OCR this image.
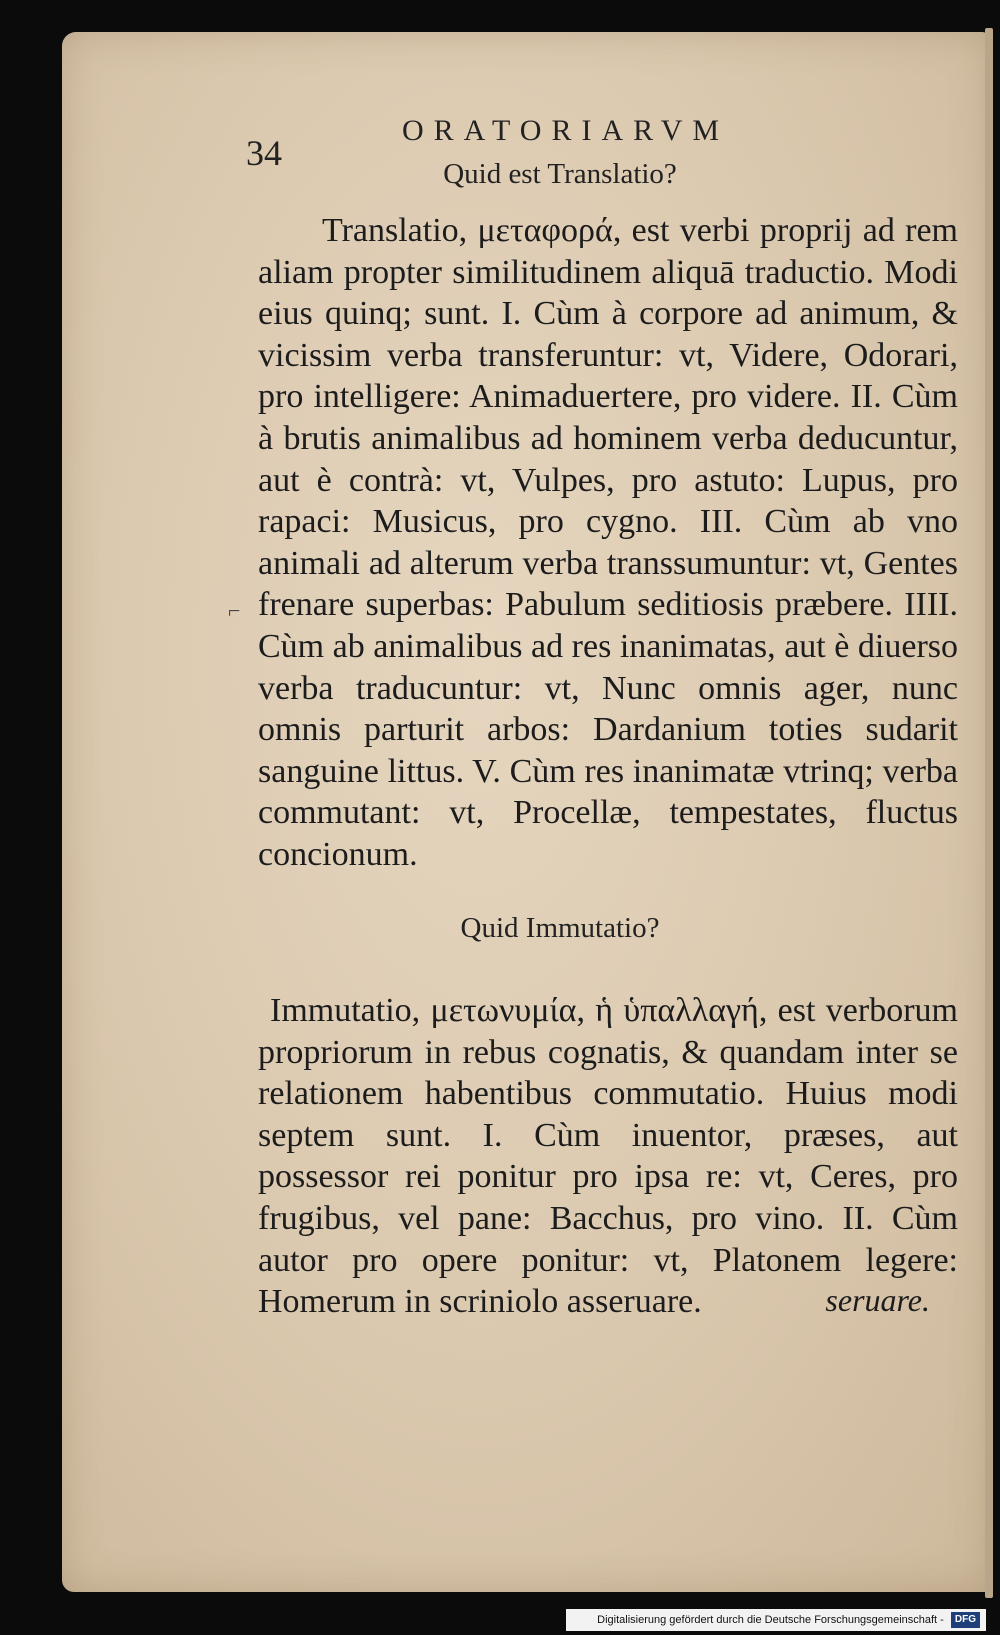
34
ORATORIARVM
Quid est Translatio?
Translatio, μεταφορά, est verbi proprij ad rem aliam propter similitudinem aliquā traductio. Modi eius quinq; sunt. I. Cùm à corpore ad animum, & vicissim verba transferuntur: vt, Videre, Odorari, pro intelligere: Animaduertere, pro videre. II. Cùm à brutis animalibus ad hominem verba deducuntur, aut è contrà: vt, Vulpes, pro astuto: Lupus, pro rapaci: Musicus, pro cygno. III. Cùm ab vno animali ad alterum verba transsumuntur: vt, Gentes frenare superbas: Pabulum seditiosis præbere. IIII. Cùm ab animalibus ad res inanimatas, aut è diuerso verba traducuntur: vt, Nunc omnis ager, nunc omnis parturit arbos: Dardanium toties sudarit sanguine littus. V. Cùm res inanimatæ vtrinq; verba commutant: vt, Procellæ, tempestates, fluctus concionum.
⌐
Quid Immutatio?
Immutatio, μετωνυμία, ἡ ὑπαλλαγή, est verborum propriorum in rebus cognatis, & quandam inter se relationem habentibus commutatio. Huius modi septem sunt. I. Cùm inuentor, præses, aut possessor rei ponitur pro ipsa re: vt, Ceres, pro frugibus, vel pane: Bacchus, pro vino. II. Cùm autor pro opere ponitur: vt, Platonem legere: Homerum in scriniolo asseruare.	seruare.
Digitalisierung gefördert durch die Deutsche Forschungsgemeinschaft - DFG
